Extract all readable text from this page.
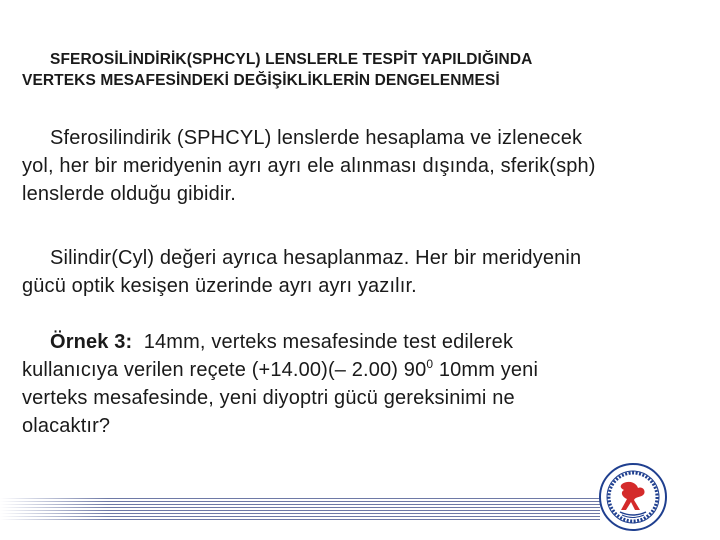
SFEROSİLİNDİRİK(SPHCYL) LENSLERLE TESPİT YAPILDIĞINDA
VERTEKS MESAFESİNDEKİ DEĞİŞİKLİKLERİN DENGELENMESİ
Sferosilindirik (SPHCYL) lenslerde hesaplama ve izlenecek
yol, her bir meridyenin ayrı ayrı ele alınması dışında, sferik(sph)
lenslerde olduğu gibidir.
Silindir(Cyl) değeri ayrıca hesaplanmaz. Her bir meridyenin
gücü optik kesişen üzerinde ayrı ayrı yazılır.
Örnek 3:  14mm, verteks mesafesinde test edilerek
kullanıcıya verilen reçete (+14.00)(– 2.00) $90^0$ 10mm yeni
verteks mesafesinde, yeni diyoptri gücü gereksinimi ne
olacaktır?
